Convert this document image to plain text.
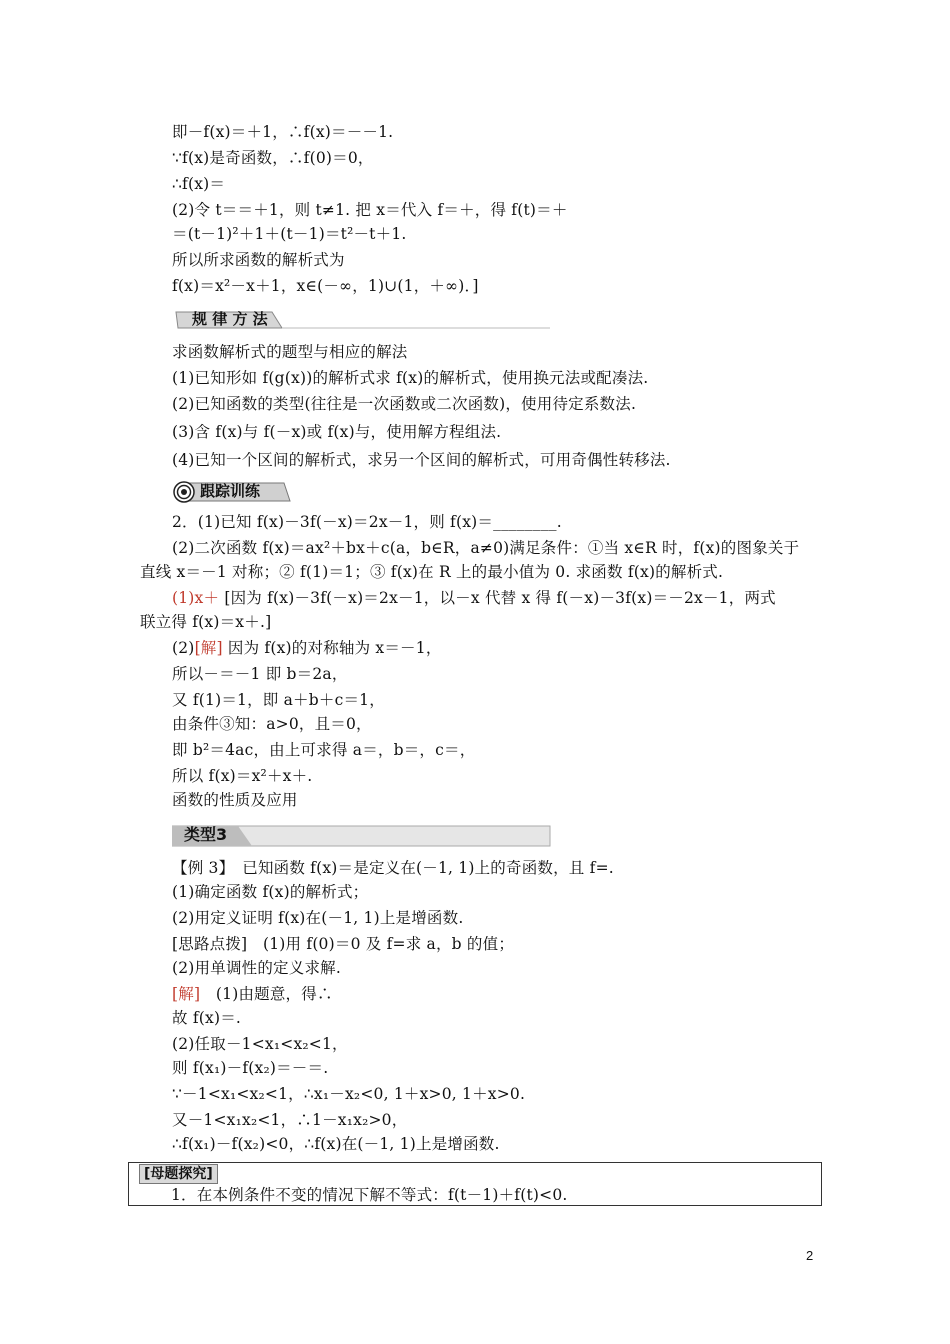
即－f(x)＝＋1，∴f(x)＝－－1.
∵f(x)是奇函数，∴f(0)＝0，
∴f(x)＝
(2)令 t＝＝＋1，则 t≠1. 把 x＝代入 f＝＋，得 f(t)＝＋
＝(t－1)²＋1＋(t－1)＝t²－t＋1.
所以所求函数的解析式为
f(x)＝x²－x＋1，x∈(－∞，1)∪(1，＋∞)．]
规 律 方 法
求函数解析式的题型与相应的解法
(1)已知形如 f(g(x))的解析式求 f(x)的解析式，使用换元法或配凑法.
(2)已知函数的类型(往往是一次函数或二次函数)，使用待定系数法.
(3)含 f(x)与 f(－x)或 f(x)与，使用解方程组法.
(4)已知一个区间的解析式，求另一个区间的解析式，可用奇偶性转移法.
跟踪训练
2．(1)已知 f(x)－3f(－x)＝2x－1，则 f(x)＝________.
(2)二次函数 f(x)＝ax²＋bx＋c(a，b∈R，a≠0)满足条件：①当 x∈R 时，f(x)的图象关于
直线 x＝－1 对称；② f(1)＝1；③ f(x)在 R 上的最小值为 0. 求函数 f(x)的解析式.
(1)x＋ [因为 f(x)－3f(－x)＝2x－1，以－x 代替 x 得 f(－x)－3f(x)＝－2x－1，两式
联立得 f(x)＝x＋.]
(2)[解] 因为 f(x)的对称轴为 x＝－1，
所以－＝－1 即 b＝2a，
又 f(1)＝1，即 a＋b＋c＝1，
由条件③知：a>0，且＝0，
即 b²＝4ac，由上可求得 a＝，b＝，c＝，
所以 f(x)＝x²＋x＋.
函数的性质及应用
类型3
【例 3】　已知函数 f(x)＝是定义在(－1, 1)上的奇函数，且 f=.
(1)确定函数 f(x)的解析式；
(2)用定义证明 f(x)在(－1, 1)上是增函数.
[思路点拨]　(1)用 f(0)＝0 及 f=求 a，b 的值；
(2)用单调性的定义求解.
[解]　(1)由题意，得∴
故 f(x)＝.
(2)任取－1<x₁<x₂<1，
则 f(x₁)－f(x₂)＝－＝.
∵－1<x₁<x₂<1，∴x₁－x₂<0, 1＋x>0, 1＋x>0.
又－1<x₁x₂<1，∴1－x₁x₂>0，
∴f(x₁)－f(x₂)<0，∴f(x)在(－1, 1)上是增函数.
[母题探究]
1．在本例条件不变的情况下解不等式：f(t－1)＋f(t)<0.
2
